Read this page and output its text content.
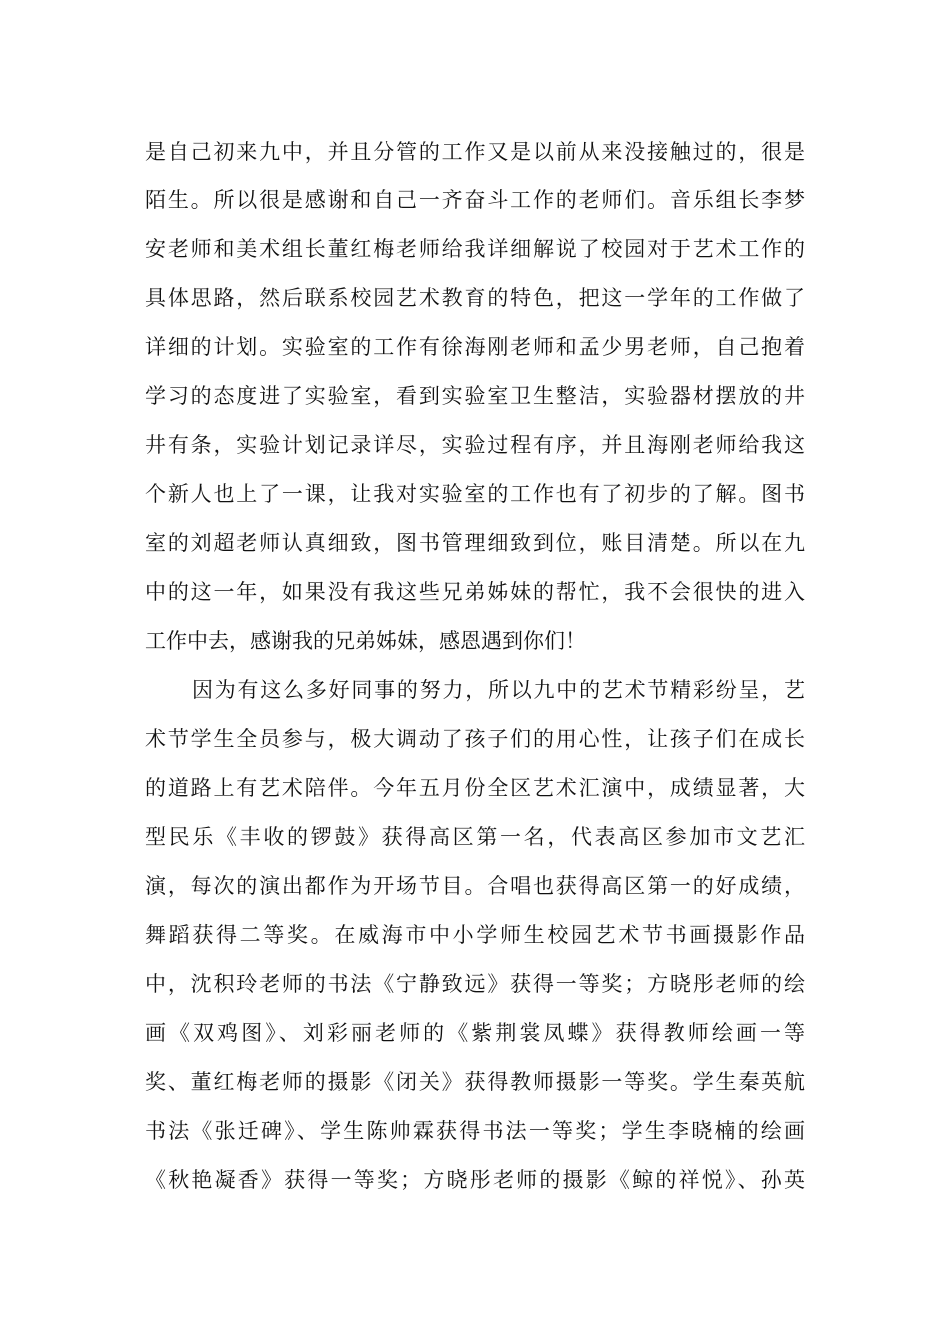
是自己初来九中，并且分管的工作又是以前从来没接触过的，很是
陌生。所以很是感谢和自己一齐奋斗工作的老师们。音乐组长李梦
安老师和美术组长董红梅老师给我详细解说了校园对于艺术工作的
具体思路，然后联系校园艺术教育的特色，把这一学年的工作做了
详细的计划。实验室的工作有徐海刚老师和孟少男老师，自己抱着
学习的态度进了实验室，看到实验室卫生整洁，实验器材摆放的井
井有条，实验计划记录详尽，实验过程有序，并且海刚老师给我这
个新人也上了一课，让我对实验室的工作也有了初步的了解。图书
室的刘超老师认真细致，图书管理细致到位，账目清楚。所以在九
中的这一年，如果没有我这些兄弟姊妹的帮忙，我不会很快的进入
工作中去，感谢我的兄弟姊妹，感恩遇到你们！
因为有这么多好同事的努力，所以九中的艺术节精彩纷呈，艺
术节学生全员参与，极大调动了孩子们的用心性，让孩子们在成长
的道路上有艺术陪伴。今年五月份全区艺术汇演中，成绩显著，大
型民乐《丰收的锣鼓》获得高区第一名，代表高区参加市文艺汇
演，每次的演出都作为开场节目。合唱也获得高区第一的好成绩，
舞蹈获得二等奖。在威海市中小学师生校园艺术节书画摄影作品
中，沈积玲老师的书法《宁静致远》获得一等奖；方晓彤老师的绘
画《双鸡图》、刘彩丽老师的《紫荆裳凤蝶》获得教师绘画一等
奖、董红梅老师的摄影《闭关》获得教师摄影一等奖。学生秦英航
书法《张迁碑》、学生陈帅霖获得书法一等奖；学生李晓楠的绘画
《秋艳凝香》获得一等奖；方晓彤老师的摄影《鲸的祥悦》、孙英
